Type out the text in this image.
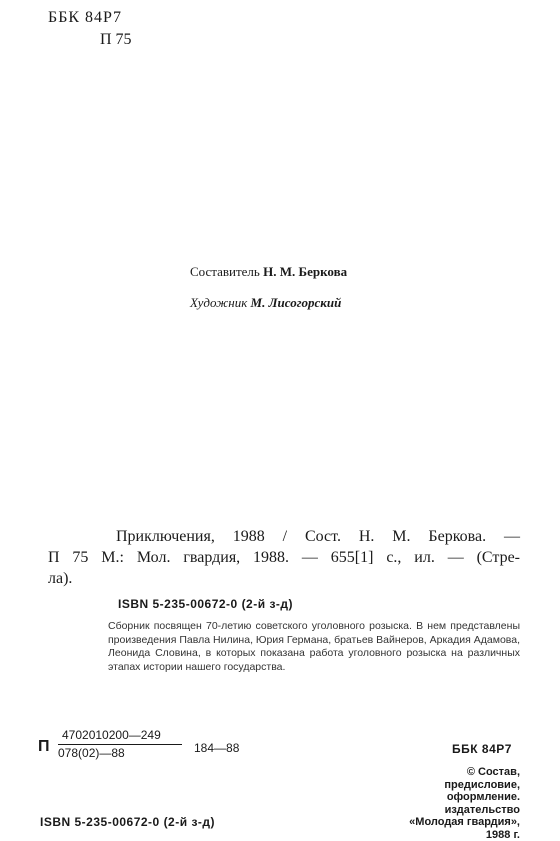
ББК 84Р7
П 75
Составитель Н. М. Беркова
Художник М. Лисогорский
Приключения, 1988 / Сост. Н. М. Беркова. —
П 75 М.: Мол. гвардия, 1988. — 655[1] с., ил. — (Стре-
ла).
ISBN 5-235-00672-0 (2-й з-д)
Сборник посвящен 70-летию советского уголовного розыска. В нем представлены произведения Павла Нилина, Юрия Германа, братьев Вайнеров, Аркадия Адамова, Леонида Словина, в которых показана работа уголовного розыска на различных этапах истории нашего государства.
П
4702010200—249
078(02)—88	184—88	ББК 84Р7
© Состав,
предисловие,
оформление.
издательство
«Молодая гвардия»,
1988 г.
ISBN 5-235-00672-0 (2-й з-д)
